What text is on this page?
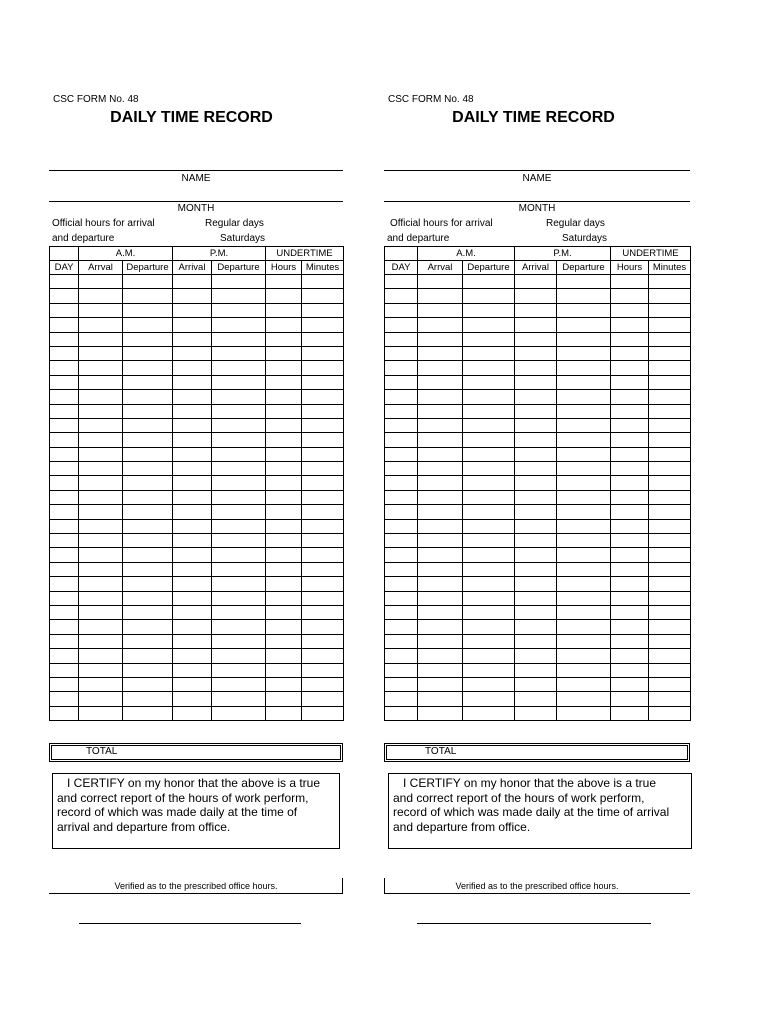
CSC FORM No. 48
DAILY TIME RECORD
NAME
MONTH
Official hours for arrival	Regular days
and departure	Saturdays
	A.M.		P.M.		UNDERTIME	
DAY	Arrval	Departure	Arrival	Departure	Hours	Minutes

TOTAL
I CERTIFY on my honor that the above is a true
and correct report of the hours of work perform,
record of which was made daily at the time of
arrival and departure from office.
Verified as to the prescribed office hours.
CSC FORM No. 48
DAILY TIME RECORD
NAME
MONTH
Official hours for arrival	Regular days
and departure	Saturdays
	A.M.		P.M.		UNDERTIME	
DAY	Arrval	Departure	Arrival	Departure	Hours	Minutes

TOTAL
I CERTIFY on my honor that the above is a true
and correct report of the hours of work perform,
record of which was made daily at the time of arrival
and departure from office.
Verified as to the prescribed office hours.
